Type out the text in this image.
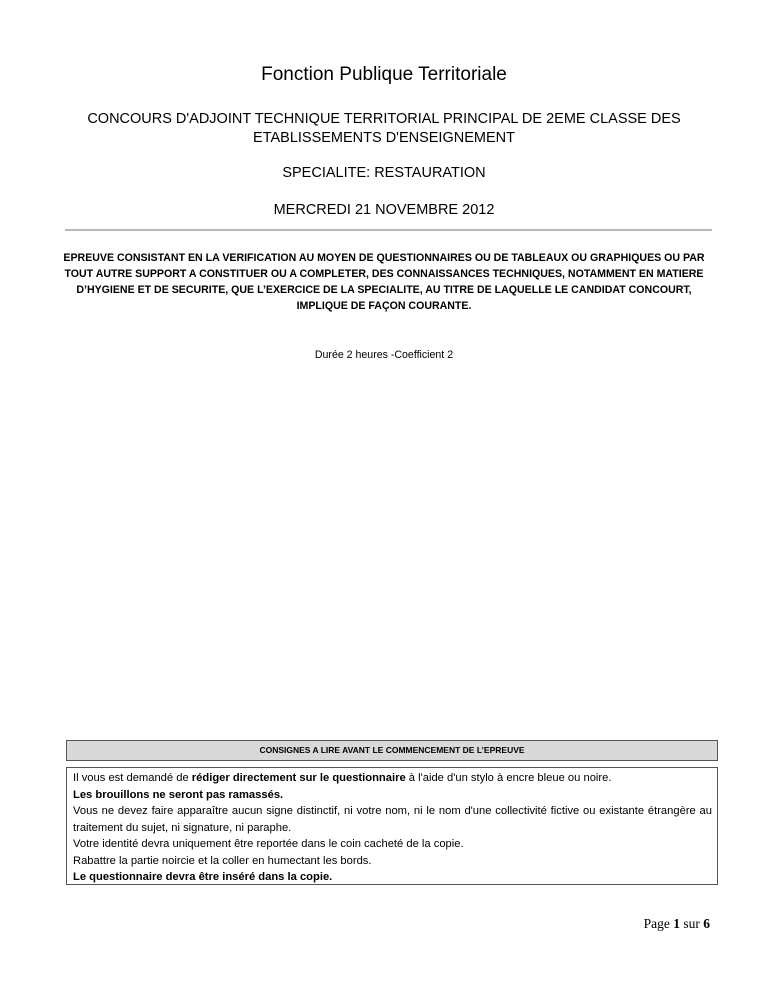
Fonction Publique Territoriale
CONCOURS D'ADJOINT TECHNIQUE TERRITORIAL PRINCIPAL DE 2EME CLASSE DES ETABLISSEMENTS D'ENSEIGNEMENT
SPECIALITE: RESTAURATION
MERCREDI 21 NOVEMBRE 2012
EPREUVE CONSISTANT EN LA VERIFICATION AU MOYEN DE QUESTIONNAIRES OU DE TABLEAUX OU GRAPHIQUES OU PAR TOUT AUTRE SUPPORT A CONSTITUER OU A COMPLETER, DES CONNAISSANCES TECHNIQUES, NOTAMMENT EN MATIERE D’HYGIENE ET DE SECURITE, QUE L’EXERCICE DE LA SPECIALITE, AU TITRE DE LAQUELLE LE CANDIDAT CONCOURT, IMPLIQUE DE FAÇON COURANTE.
Durée 2 heures -Coefficient 2
CONSIGNES A LIRE AVANT LE COMMENCEMENT DE L’EPREUVE

Il vous est demandé de rédiger directement sur le questionnaire à l'aide d'un stylo à encre bleue ou noire.

Les brouillons ne seront pas ramassés.

Vous ne devez faire apparaître aucun signe distinctif, ni votre nom, ni le nom d'une collectivité fictive ou existante étrangère au traitement du sujet, ni signature, ni paraphe.

Votre identité devra uniquement être reportée dans le coin cacheté de la copie.

Rabattre la partie noircie et la coller en humectant les bords.

Le questionnaire devra être inséré dans la copie.

Page 1 sur 6
